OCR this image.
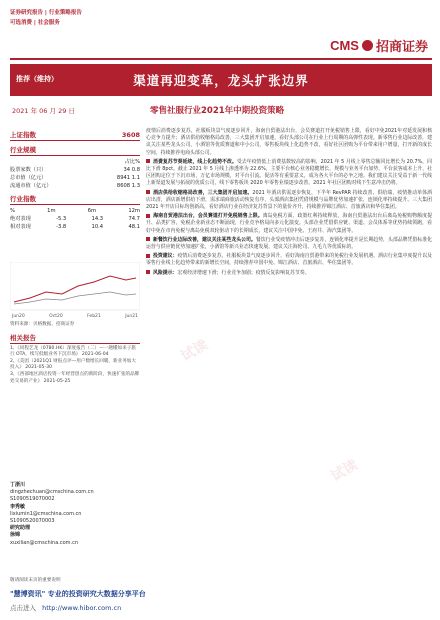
证券研究报告 | 行业策略报告
可选消费 | 社会服务
CMS 招商证券
推荐（维持）	渠道再迎变革，龙头扩张边界
2021 年 06 月 29 日	零售社服行业2021年中期投资策略
上证指数	3608
行业规模
占比%
股票家数（只）	34 0.8
总市值（亿元）	8941 1.1
流通市值（亿元）	8608 1.3
行业指数
%	1m	6m	12m
绝对表现	-5.3	14.3	74.7
相对表现	-3.8	10.4	48.1
Jun20	Oct20	Feb21	Jun21
资料来源：贝格数据、招商证券
相关报告
1、《同程艺龙（0780.HK）深度报告（二）—一趟懂如来子旅行 OTA，续写低级业务下沉市场》 2021-06-04
2、《美团（2021Q1 财报点评—用户数增长回暖，新业务加大投入》 2021-05-30
3、《西部地区酒店投资一年经营创点的新阶段，快速扩张的品牌处交易的产业》 2021-05-25
丁浙川
dingzhechuan@cmschina.com.cn
S1090519070002
李秀敏
lixiumin1@cmschina.com.cn
S1090520070003
研究助理
徐锦
xuxilian@cmschina.com.cn
疫情后消费逐步复苏，社服板块景气度逐步回升，海南自贸港法出台，会员赛道打开免税销售上限，看好中免2021年对延发展和核心竞争力提升；酒店供给收缩格局改善，三大集团开启加速，看好头部公司在行业上行周期的高弹性表现。新零售行业边际改善，建议关注某些龙头公司，小酒馆等优质赛道和中小公司，零售板块线上化趋势不改，看好社区团购为平台带来用户增量，打开新的成长空间，持续推荐电商头部公司。
消费复苏节奏延续，线上化趋势不改。受去年疫情低上消费基数较高的影响，2021 年 5 月线上零售总额同比增长为 20.7%，同比下滑 8pct。截止 2021 年 5 月线上渗透率为 22.6%，主要平台核心业务稳健增长，规模与业务平台加势，平台获客成本上升，社区团购定位于下沉市场，万亿市场规模，对平台引流、促活等有重要意义，成为各大平台的必争之地。我们建议关注受益于新一代线上新渠道发展与拓展的优质公司，线下零售板块 2020 年零售业绩逐步改善，2021 年社区团购对线下生意冲击仍将。
酒店供给收缩格局改善，三大集团开启加速。2021 年酒店供需逐步恢复，下半年 RevPAR 持续改善，供给端，疫情推动单体酒店出清，酒店新增供给下滑，需求端商旅活动恢复有序，头部酒店集团凭借规模与品牌优势加速扩张，连锁化率持续提升。三大集团 2021 年开店目标均创新高，看好酒店行业在经济复苏背景下的量价齐升，持续推荐锦江酒店、首旅酒店和华住集团。
海南自贸港法出台，会员赛道打开免税销售上限。离岛免税方面，政策红利持续释放，海南自贸港法出台后离岛免税购物额度提升、品类扩容，免税企业新业态不断涌现，行业竞争格局向多元化演变。头部企业凭借供应链、渠道、会员体系等优势持续领跑，看好中免在市内免税与离岛免税双轮驱动下的长期成长，建议关注中国中免、王府井、海汽集团等。
新餐饮行业边际改善，建议关注某些龙头公司。餐饮行业受疫情冲击后逐步复苏，连锁化率提升是长期趋势，头部品牌凭借标准化运营与供应链优势加速扩张，小酒馆等新兴业态快速发展，建议关注海伦司、九毛九等优质标的。
投资建议：疫情后消费逐步复苏，社服板块景气度逐步回升，看好海南自贸港带来的免税行业发展机遇、酒店行业集中度提升以及零售行业线上化趋势带来的新增长空间，持续推荐中国中免、锦江酒店、首旅酒店、华住集团等。
风险提示：宏观经济增速下滑；行业竞争加剧；疫情反复影响复苏节奏。
敬请阅读末页的重要说明
"慧博资讯" 专业的投资研究大数据分享平台
点击进入 http://www.hibor.com.cn
试读
试读
